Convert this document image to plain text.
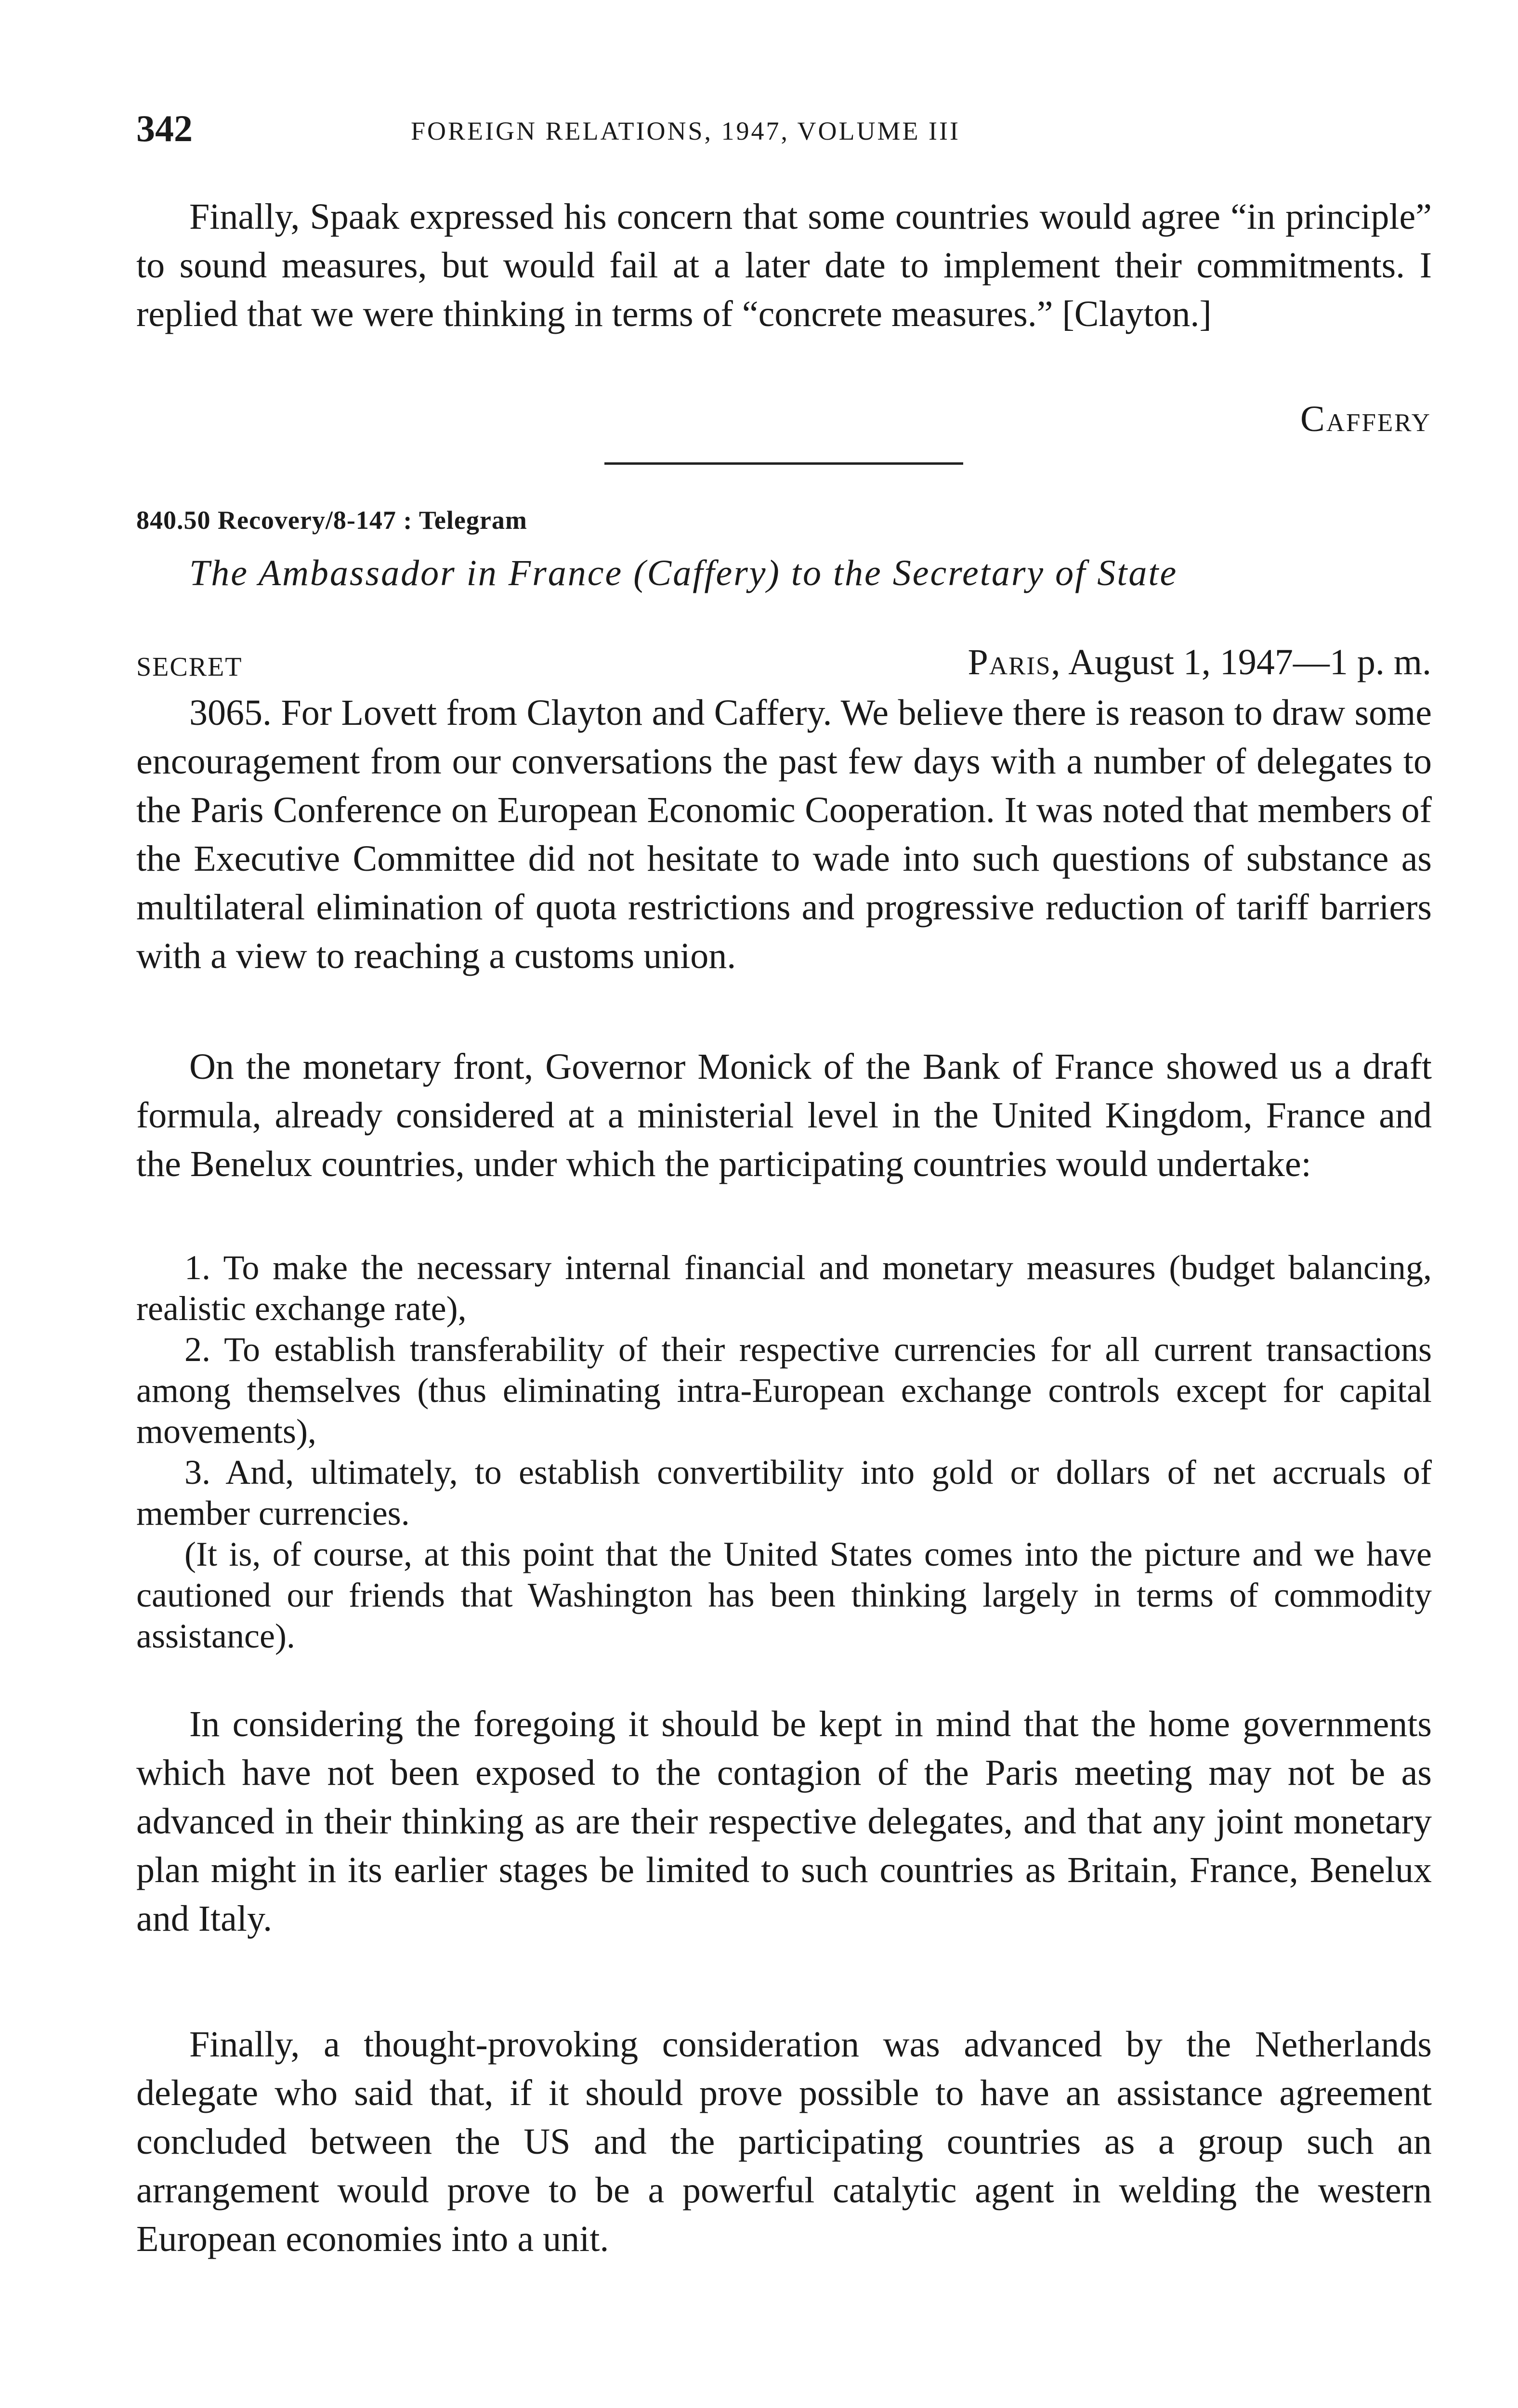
342	FOREIGN RELATIONS, 1947, VOLUME III

Finally, Spaak expressed his concern that some countries would agree “in principle” to sound measures, but would fail at a later date to implement their commitments. I replied that we were thinking in terms of “concrete measures.” [Clayton.]

Caffery
840.50 Recovery/8-147 : Telegram
The Ambassador in France (Caffery) to the Secretary of State
SECRET	Paris, August 1, 1947—1 p. m.

3065. For Lovett from Clayton and Caffery. We believe there is reason to draw some encouragement from our conversations the past few days with a number of delegates to the Paris Conference on European Economic Cooperation. It was noted that members of the Executive Committee did not hesitate to wade into such questions of substance as multilateral elimination of quota restrictions and progressive reduction of tariff barriers with a view to reaching a customs union.

On the monetary front, Governor Monick of the Bank of France showed us a draft formula, already considered at a ministerial level in the United Kingdom, France and the Benelux countries, under which the participating countries would undertake:

1. To make the necessary internal financial and monetary measures (budget balancing, realistic exchange rate),

2. To establish transferability of their respective currencies for all current transactions among themselves (thus eliminating intra-European exchange controls except for capital movements),

3. And, ultimately, to establish convertibility into gold or dollars of net accruals of member currencies.

(It is, of course, at this point that the United States comes into the picture and we have cautioned our friends that Washington has been thinking largely in terms of commodity assistance).

In considering the foregoing it should be kept in mind that the home governments which have not been exposed to the contagion of the Paris meeting may not be as advanced in their thinking as are their respective delegates, and that any joint monetary plan might in its earlier stages be limited to such countries as Britain, France, Benelux and Italy.

Finally, a thought-provoking consideration was advanced by the Netherlands delegate who said that, if it should prove possible to have an assistance agreement concluded between the US and the participating countries as a group such an arrangement would prove to be a powerful catalytic agent in welding the western European economies into a unit.
